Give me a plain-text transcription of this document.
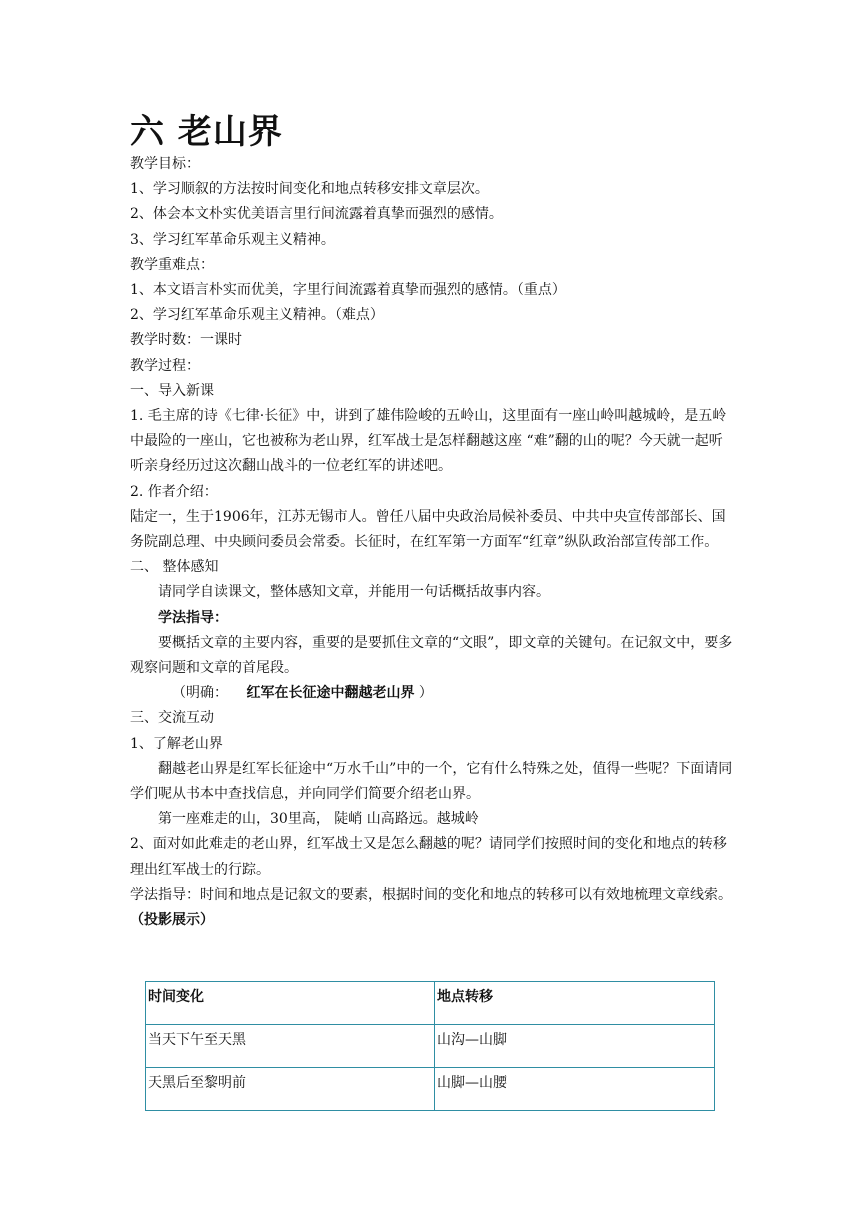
六 老山界

教学目标：

1、学习顺叙的方法按时间变化和地点转移安排文章层次。

2、体会本文朴实优美语言里行间流露着真挚而强烈的感情。

3、学习红军革命乐观主义精神。

教学重难点：

1、本文语言朴实而优美，字里行间流露着真挚而强烈的感情。（重点）

2、学习红军革命乐观主义精神。（难点）

教学时数：一课时

教学过程：

一、导入新课

1. 毛主席的诗《七律·长征》中，讲到了雄伟险峻的五岭山，这里面有一座山岭叫越城岭，是五岭中最险的一座山，它也被称为老山界，红军战士是怎样翻越这座 “难”翻的山的呢？今天就一起听听亲身经历过这次翻山战斗的一位老红军的讲述吧。

2. 作者介绍：

陆定一，生于1906年，江苏无锡市人。曾任八届中央政治局候补委员、中共中央宣传部部长、国务院副总理、中央顾问委员会常委。长征时，在红军第一方面军“红章”纵队政治部宣传部工作。

二、 整体感知

请同学自读课文，整体感知文章，并能用一句话概括故事内容。

学法指导：

要概括文章的主要内容，重要的是要抓住文章的“文眼”，即文章的关键句。在记叙文中，要多观察问题和文章的首尾段。

（明确： 红军在长征途中翻越老山界 ）

三、交流互动

1、了解老山界

翻越老山界是红军长征途中“万水千山”中的一个，它有什么特殊之处，值得一些呢？下面请同学们呢从书本中查找信息，并向同学们简要介绍老山界。

第一座难走的山，30里高， 陡峭 山高路远。越城岭

2、面对如此难走的老山界，红军战士又是怎么翻越的呢？请同学们按照时间的变化和地点的转移理出红军战士的行踪。

学法指导：时间和地点是记叙文的要素，根据时间的变化和地点的转移可以有效地梳理文章线索。（投影展示）

时间变化	地点转移
当天下午至天黑	山沟—山脚
天黑后至黎明前	山脚—山腰
